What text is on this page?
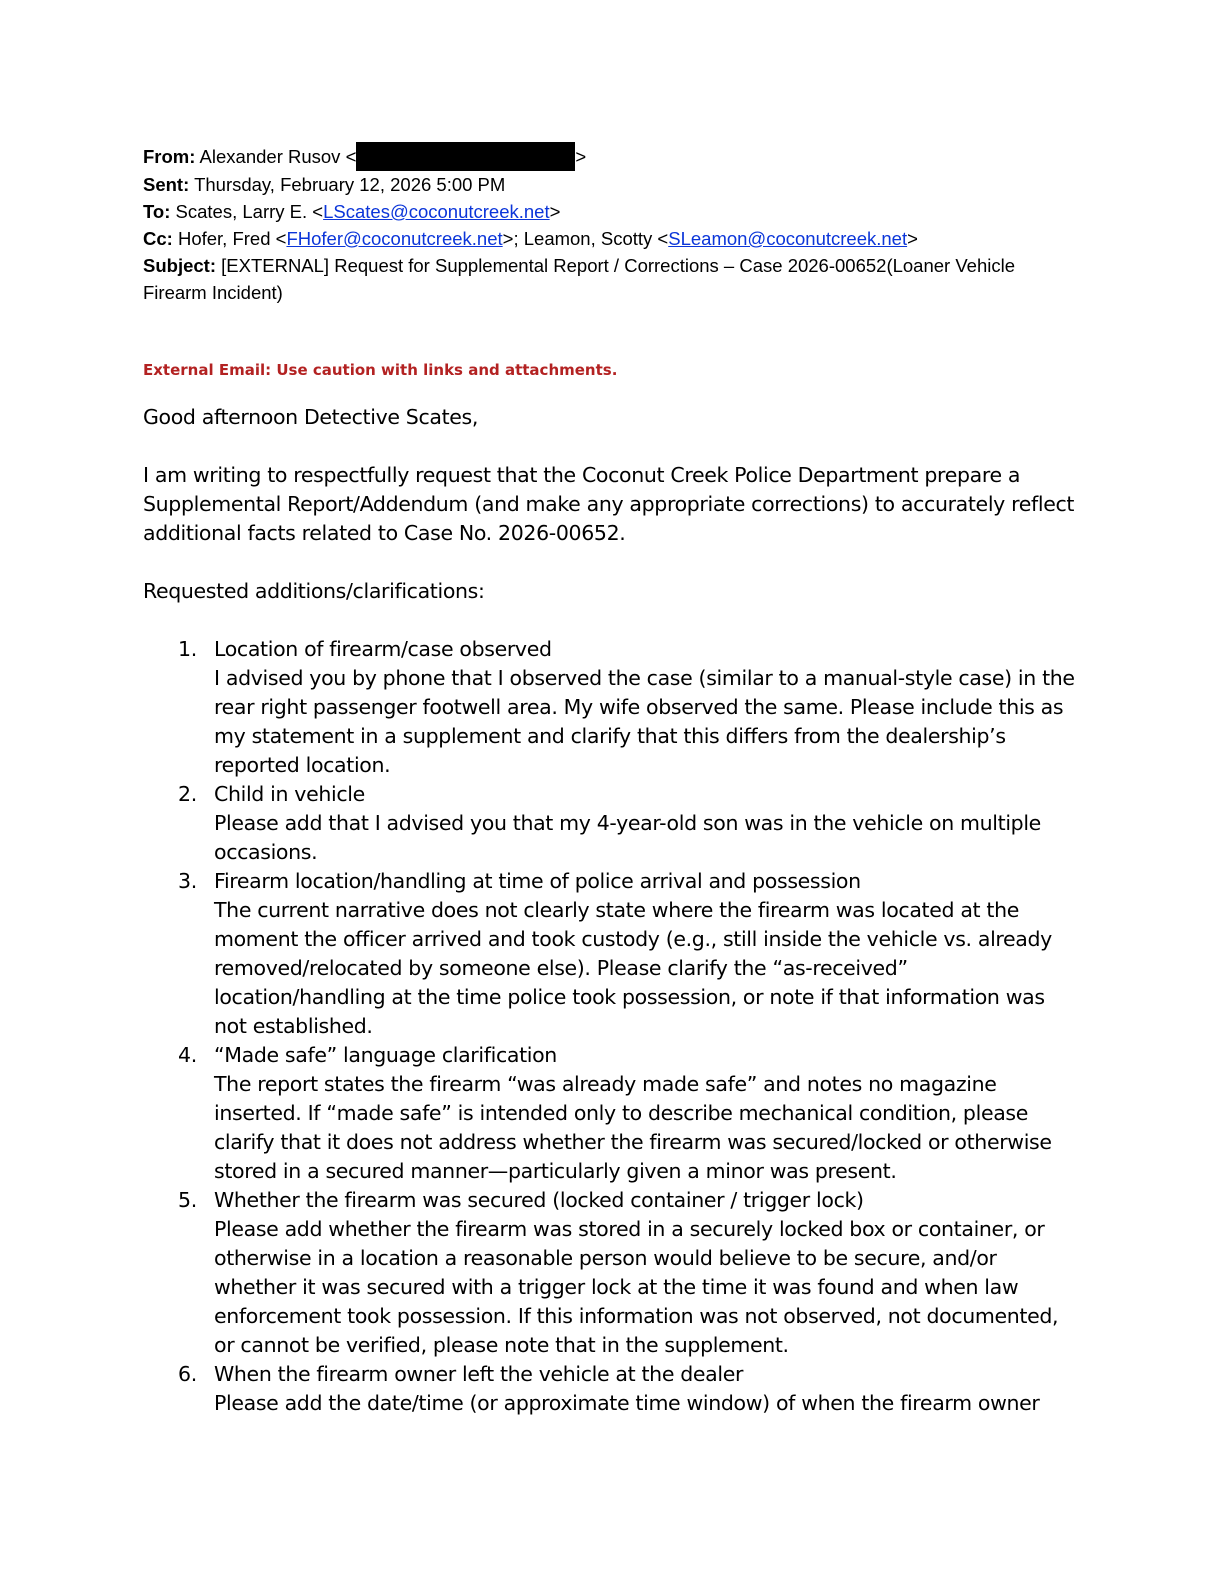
From: Alexander Rusov <	>
Sent: Thursday, February 12, 2026 5:00 PM
To: Scates, Larry E. <LScates@coconutcreek.net>
Cc: Hofer, Fred <FHofer@coconutcreek.net>; Leamon, Scotty <SLeamon@coconutcreek.net>
Subject: [EXTERNAL] Request for Supplemental Report / Corrections – Case 2026-00652(Loaner Vehicle Firearm Incident)
External Email: Use caution with links and attachments.
Good afternoon Detective Scates,
I am writing to respectfully request that the Coconut Creek Police Department prepare a Supplemental Report/Addendum (and make any appropriate corrections) to accurately reflect additional facts related to Case No. 2026-00652.
Requested additions/clarifications:
1. Location of firearm/case observed
I advised you by phone that I observed the case (similar to a manual-style case) in the rear right passenger footwell area. My wife observed the same. Please include this as my statement in a supplement and clarify that this differs from the dealership’s reported location.
2. Child in vehicle
Please add that I advised you that my 4-year-old son was in the vehicle on multiple occasions.
3. Firearm location/handling at time of police arrival and possession
The current narrative does not clearly state where the firearm was located at the moment the officer arrived and took custody (e.g., still inside the vehicle vs. already removed/relocated by someone else). Please clarify the “as-received” location/handling at the time police took possession, or note if that information was not established.
4. “Made safe” language clarification
The report states the firearm “was already made safe” and notes no magazine inserted. If “made safe” is intended only to describe mechanical condition, please clarify that it does not address whether the firearm was secured/locked or otherwise stored in a secured manner—particularly given a minor was present.
5. Whether the firearm was secured (locked container / trigger lock)
Please add whether the firearm was stored in a securely locked box or container, or otherwise in a location a reasonable person would believe to be secure, and/or whether it was secured with a trigger lock at the time it was found and when law enforcement took possession. If this information was not observed, not documented, or cannot be verified, please note that in the supplement.
6. When the firearm owner left the vehicle at the dealer
Please add the date/time (or approximate time window) of when the firearm owner
